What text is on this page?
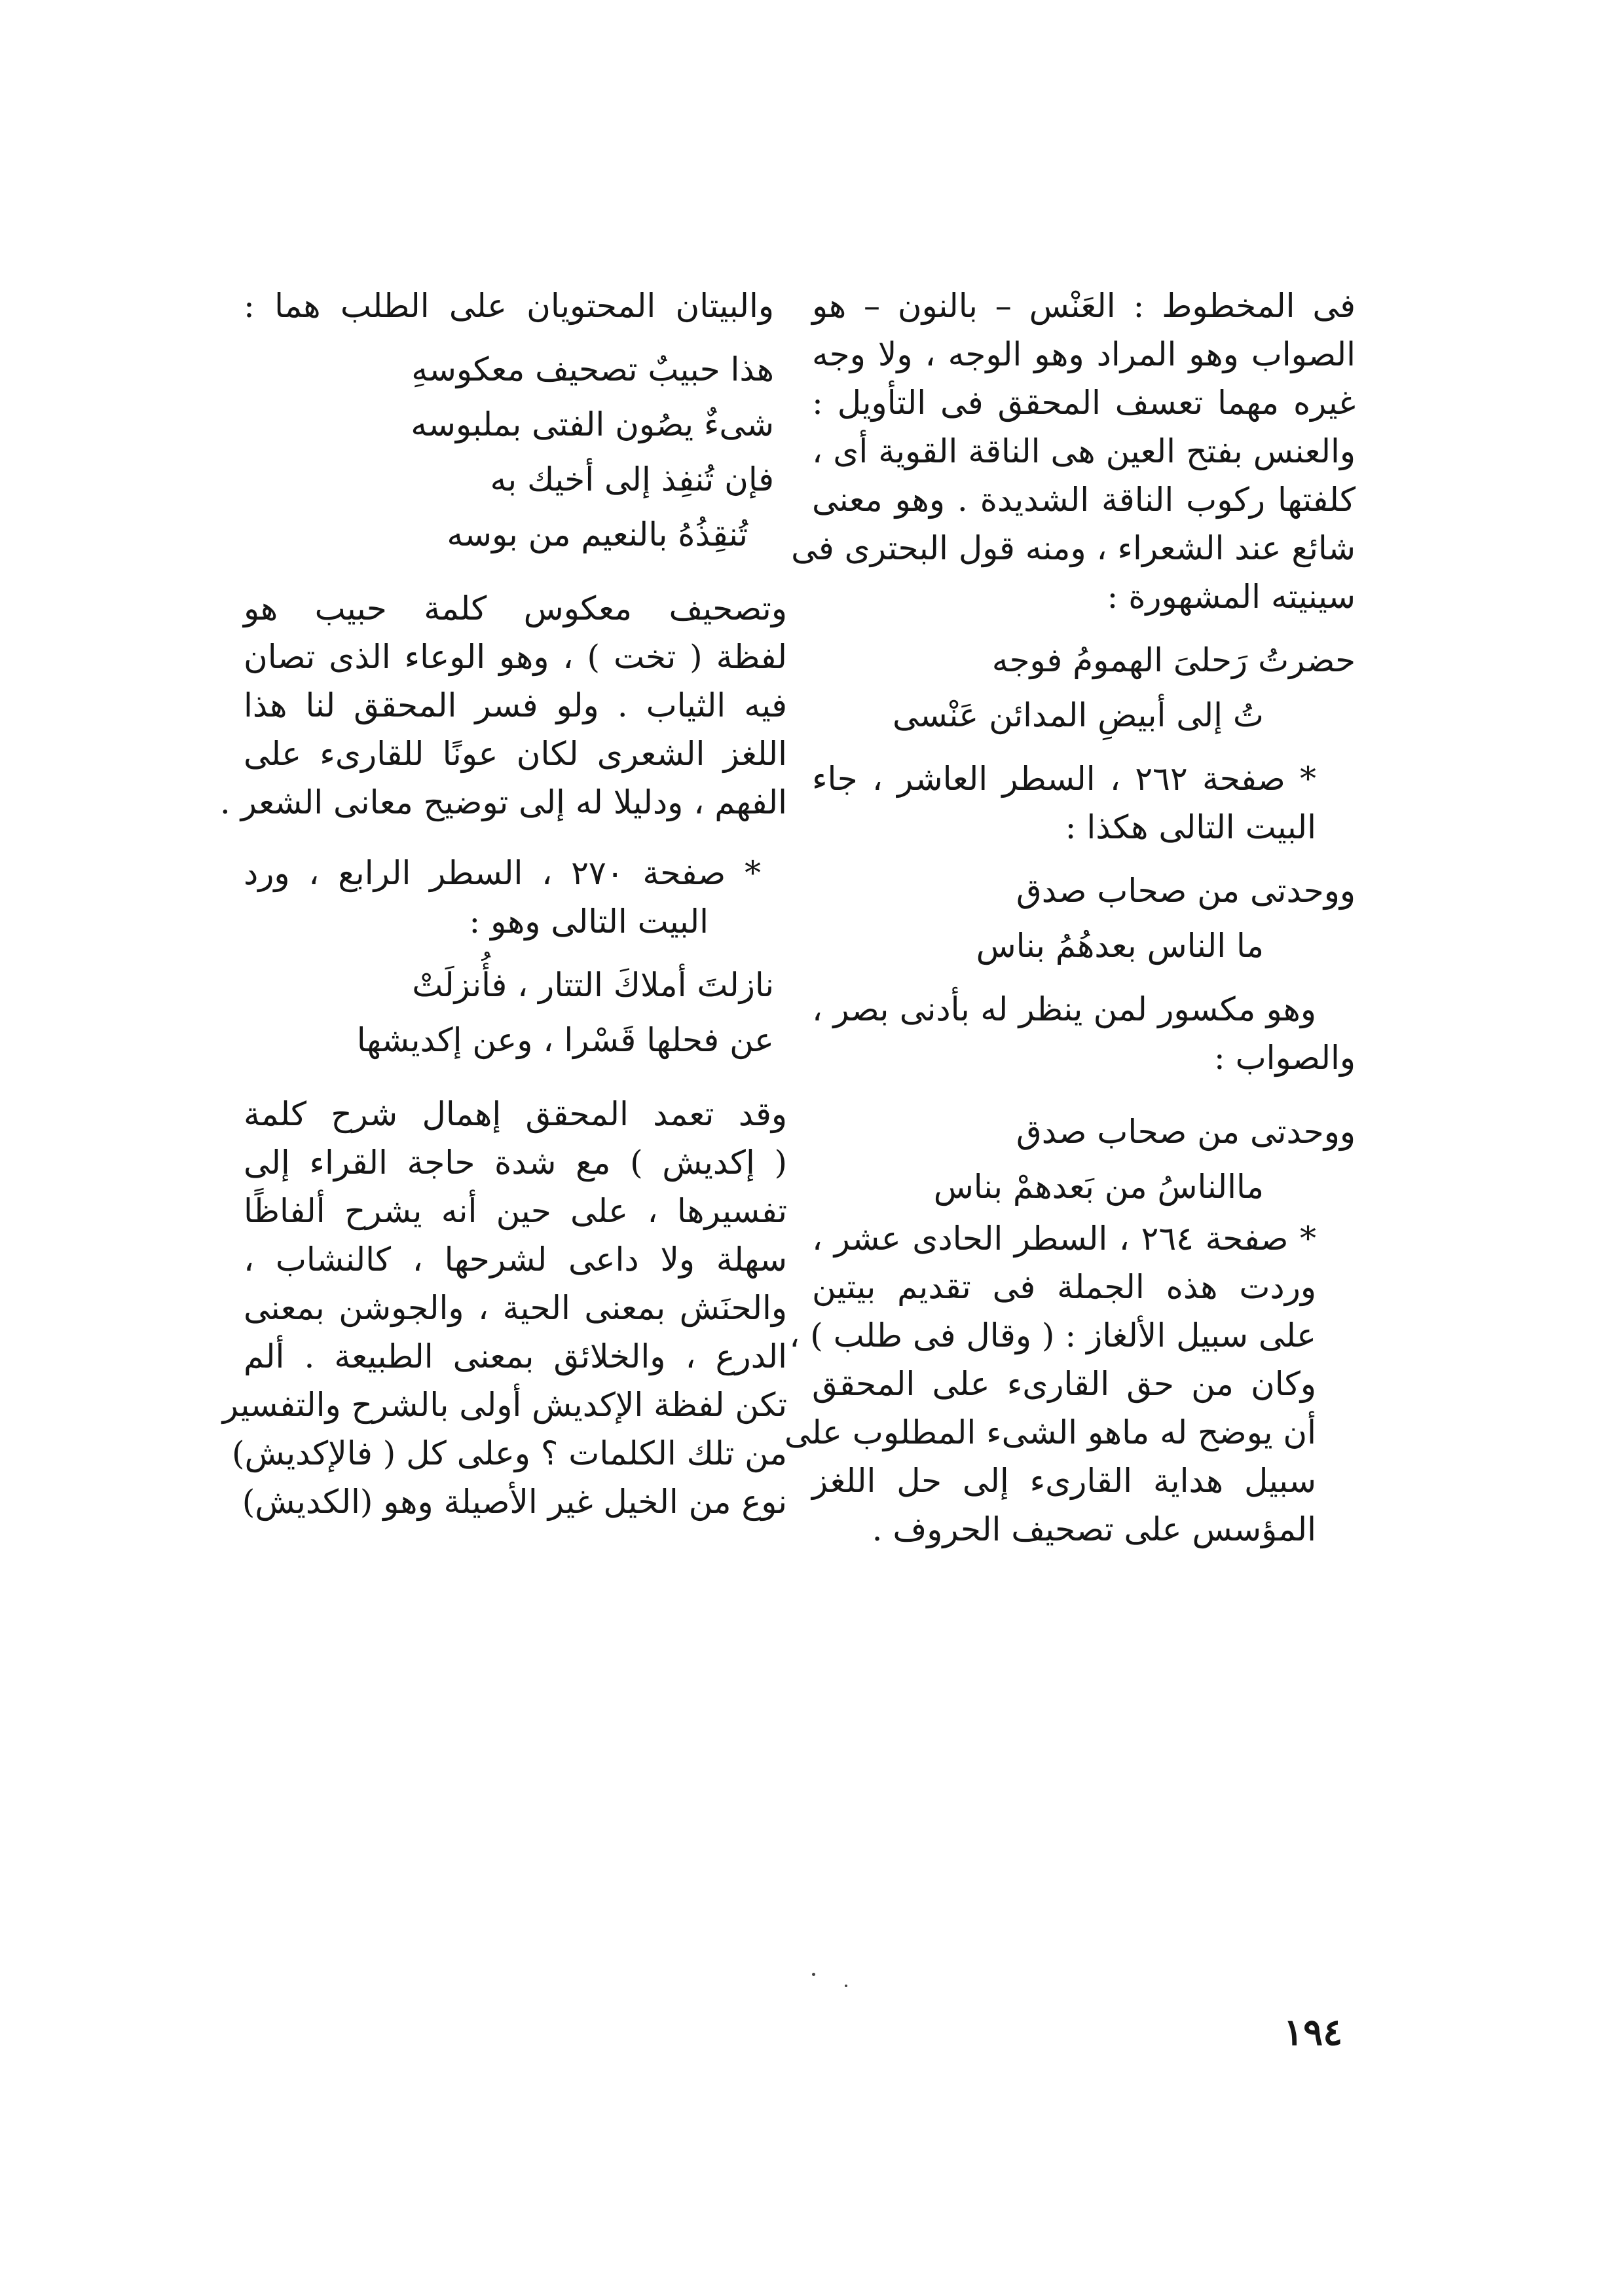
فى المخطوط : العَنْس – بالنون – هو
الصواب وهو المراد وهو الوجه ، ولا وجه
غيره مهما تعسف المحقق فى التأويل :
والعنس بفتح العين هى الناقة القوية أى ،
كلفتها ركوب الناقة الشديدة . وهو معنى
شائع عند الشعراء ، ومنه قول البحترى فى
سينيته المشهورة :
حضرتُ رَحلىَ الهمومُ فوجه
تُ إلى أبيضِ المدائن عَنْسى
* صفحة ٢٦٢ ، السطر العاشر ، جاء
البيت التالى هكذا :
ووحدتى من صحاب صدق
ما الناس بعدهُمُ بناس
وهو مكسور لمن ينظر له بأدنى بصر ،
والصواب :
ووحدتى من صحاب صدق
ماالناسُ من بَعدهمْ بناس
* صفحة ٢٦٤ ، السطر الحادى عشر ،
وردت هذه الجملة فى تقديم بيتين
على سبيل الألغاز : ( وقال فى طلب ) ،
وكان من حق القارىء على المحقق
أن يوضح له ماهو الشىء المطلوب على
سبيل هداية القارىء إلى حل اللغز
المؤسس على تصحيف الحروف .
والبيتان المحتويان على الطلب هما :
هذا حبيبٌ تصحيف معكوسهِ
شىءٌ يصُون الفتى بملبوسه
فإن تُنفِذ إلى أخيك به
تُنقِذُهُ بالنعيم من بوسه
وتصحيف معكوس كلمة حبيب هو
لفظة ( تخت ) ، وهو الوعاء الذى تصان
فيه الثياب . ولو فسر المحقق لنا هذا
اللغز الشعرى لكان عونًا للقارىء على
الفهم ، ودليلا له إلى توضيح معانى الشعر .
* صفحة ٢٧٠ ، السطر الرابع ، ورد
البيت التالى وهو :
نازلتَ أملاكَ التتار ، فأُنزلَتْ
عن فحلها قَسْرا ، وعن إكديشها
وقد تعمد المحقق إهمال شرح كلمة
( إكديش ) مع شدة حاجة القراء إلى
تفسيرها ، على حين أنه يشرح ألفاظًا
سهلة ولا داعى لشرحها ، كالنشاب ،
والحنَش بمعنى الحية ، والجوشن بمعنى
الدرع ، والخلائق بمعنى الطبيعة . ألم
تكن لفظة الإكديش أولى بالشرح والتفسير
من تلك الكلمات ؟ وعلى كل ( فالإكديش)
نوع من الخيل غير الأصيلة وهو (الكديش)
١٩٤
